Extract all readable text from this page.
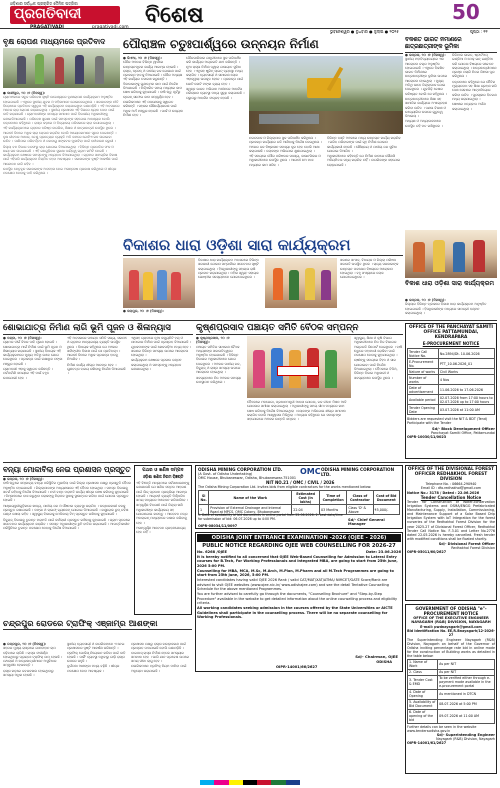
ଓଡ଼ିଶାର ସର୍ବାଧିକ ପ୍ରଚାରିତ ଦୈନିକ ପତ୍ରିକା
ପ୍ରଗତିବାଦୀ
PRAGATIVADI	pragativadi.com ବିଶେଷ	50
ଭୁବନେଶ୍ୱର ● ବୁଧବାର ● ଜୁଲାଇ ● ୨୦୨୫	ପୃଷ୍ଠା : ୧୧
ବୃକ୍ଷ ରୋପଣ ମାଧ୍ୟମରେ ପ୍ରତିବାଦ
● କାଶୀପୁର, ୨୦ ।୭ (ନିଜସ୍ୱ):

ଗ୍ରାମାଞ୍ଚଳରେ ସବୁଜ ପରିବେଶ ସୃଷ୍ଟି ଉଦ୍ଦେଶ୍ୟରେ ବୃକ୍ଷରୋପଣ କାର୍ଯ୍ୟକ୍ରମ ଅନୁଷ୍ଠିତ ହୋଇଯାଇଛି । ଏଥିରେ ସ୍ଥାନୀୟ ଯୁବକ ଓ ମହିଳାମାନେ ଯୋଗଦେଇଥିଲେ । ସରକାରଙ୍କ ନୀତି ବିରୋଧରେ ପ୍ରତିବାଦ ସ୍ୱରୂପ ଏହି କାର୍ଯ୍ୟକ୍ରମ କରାଯାଇଥିବା ଜଣାପଡ଼ିଛି । ଏହି ଅବସରରେ ଅନେକ ଚାରା ରୋପଣ କରାଯାଇଥିଲା । ସ୍ଥାନୀୟ ପ୍ରଶାସନ ଏହି ଦିଗରେ ଧ୍ୟାନ ଦେବା ପାଇଁ ଦାବି କରାଯାଇଛି । ଗ୍ରାମବାସୀଙ୍କ ସମସ୍ୟା ସମାଧାନ ପାଇଁ ବିଭାଗୀୟ ଅଧିକାରୀଙ୍କୁ ଜଣାଇଦିଆଯାଇଛି । ପରିବେଶ ସୁରକ୍ଷା ପାଇଁ ସମସ୍ତଙ୍କ ସହଯୋଗ ଆବଶ୍ୟକ ବୋଲି ବକ୍ତାମାନେ କହିଥିଲେ । ରାସ୍ତା କଡ଼ରେ ଓ ବିଦ୍ୟାଳୟ ପରିସରରେ ଚାରା ଲଗାଯାଇଥିଲା ।

ଏହି କାର୍ଯ୍ୟକ୍ରମରେ ଗ୍ରାମର ବରିଷ୍ଠ ନାଗରିକ, ଶିକ୍ଷକ ଓ ଛାତ୍ରଛାତ୍ରୀ ଉପସ୍ଥିତ ଥିଲେ । ଆଗାମୀ ଦିନରେ ଅଧିକ ଚାରା ରୋପଣ କରାଯିବ ବୋଲି ଆୟୋଜକମାନେ ସୂଚନା ଦେଇଛନ୍ତି । ବୃକ୍ଷ ଜୀବନର ଆଧାର, ତେଣୁ ପ୍ରତ୍ୟେକ ବ୍ୟକ୍ତି ଅତି କମରେ ଗୋଟିଏ ଗଛ ଲଗାଇବା ଉଚିତ । ପାଣିପାଗ ପରିବର୍ତ୍ତନ ଓ ଜଳବାୟୁ ସଙ୍କଟର ମୁକାବିଲା ପାଇଁ ବନୀକରଣ ଜରୁରୀ ।

ଜିଲ୍ଲା ବନ ବିଭାଗ ତରଫରୁ ଚାରା ଯୋଗାଇ ଦିଆଯାଇଥିଲା । ବିଭିନ୍ନ ପ୍ରଜାତିର ଫଳ ଓ ଛାୟା ଗଛ ଲଗାଯାଇଛି । ଏହି ଗଛଗୁଡ଼ିକର ସୁରକ୍ଷା ଦାୟିତ୍ୱ ଗ୍ରାମ କମିଟି ନେଇଛି । କାର୍ଯ୍ୟକ୍ରମ ଶେଷରେ ସମସ୍ତଙ୍କୁ ଧନ୍ୟବାଦ ଦିଆଯାଇଥିଲା । ଗ୍ରାମର ସାମଗ୍ରିକ ବିକାଶ ପାଇଁ ଏହିପରି କାର୍ଯ୍ୟକ୍ରମ ନିୟମିତ ହେବା ଆବଶ୍ୟକ । ସରକାରଙ୍କ ଦୃଷ୍ଟି ଆକର୍ଷଣ ପାଇଁ ଆନ୍ଦୋଳନ ଜାରି ରହିବ ।

ଉପସ୍ଥିତ ନେତୃବୃନ୍ଦ ସରକାରଙ୍କ ଅବହେଳା ନେଇ ଅସନ୍ତୋଷ ପ୍ରକାଶ କରିଥିଲେ ଓ ଶୀଘ୍ର ପଦକ୍ଷେପ ନେବାକୁ ଦାବି କରିଥିଲେ ।

ପୌରାଞ୍ଚଳ ଚତୁଃପାର୍ଶ୍ୱରେ ଉନ୍ନୟନ ନିର୍ମାଣ
● ଭିଏଆ, ୨୦ ।୭ (ନିଜସ୍ୱ):

ପୌର ଅଞ୍ଚଳର ବିଭିନ୍ନ ୱାର୍ଡରେ ଉନ୍ନୟନମୂଳକ କାର୍ଯ୍ୟ ଆରମ୍ଭ ହୋଇଛି । ରାସ୍ତା, ଡ୍ରେନ୍ ଓ ପାନୀୟ ଜଳ ଯୋଗାଣ ପାଇଁ ପ୍ରକଳ୍ପ ହାତକୁ ନିଆଯାଇଛି । ପୌର ଅଧ୍ୟକ୍ଷ ଏହି କାର୍ଯ୍ୟର ତଦାରଖ କରୁଛନ୍ତି । ଠିକାଦାରଙ୍କୁ ଗୁଣାତ୍ମକ କାମ ପାଇଁ ନିର୍ଦ୍ଦେଶ ଦିଆଯାଇଛି । ନିର୍ଦ୍ଧାରିତ ସମୟ ମଧ୍ୟରେ କାମ ଶେଷ କରିବାକୁ କୁହାଯାଇଛି । ବର୍ଷା ଋତୁ ପୂର୍ବରୁ ଡ୍ରେନ୍ ସଫେଇ କାମ ସମ୍ପୂର୍ଣ୍ଣ ହେବ ।

ନାଗରିକମାନେ ଏହି ପଦକ୍ଷେପକୁ ସ୍ୱାଗତ କରିଛନ୍ତି । ସହରର ସୌନ୍ଦର୍ଯ୍ୟକରଣ ପାଇଁ ଅଧିକ ଅର୍ଥ ମଞ୍ଜୁର ହୋଇଛି । ପାର୍କ ଓ ଉଦ୍ୟାନ ନିର୍ମାଣ ହେବ ।

ପୌରପାଳିକାର ଯନ୍ତ୍ରୀମାନେ ସ୍ଥଳ ପରିଦର୍ଶନ କରି କାର୍ଯ୍ୟର ଅଗ୍ରଗତି ଯାଞ୍ଚ କରିଛନ୍ତି । ନୂଆ ରାସ୍ତା ନିର୍ମାଣ ଦ୍ୱାରା ଯାତାୟାତ ସୁବିଧା ହେବ । ଏଥିସହ ଷ୍ଟ୍ରିଟ୍ ଲାଇଟ୍ ବ୍ୟବସ୍ଥା ମଧ୍ୟ କରାଯିବ । ବ୍ୟବସାୟୀ ଓ ସାଧାରଣ ଲୋକ ଏହାଦ୍ୱାରା ଉପକୃତ ହେବେ । ପ୍ରକଳ୍ପ ପାଇଁ କୋଟି କୋଟି ଟଙ୍କା ବ୍ୟୟ ହେବ ।

ସ୍ୱଚ୍ଛ ଭାରତ ଅଭିଯାନ ଅଧୀନରେ ଆବର୍ଜନା ପରିଚାଳନା ବ୍ୟବସ୍ଥା ମଧ୍ୟ ସୁଦୃଢ଼ କରାଯାଉଛି । ଘରୁଘରୁ ଆବର୍ଜନା ସଂଗ୍ରହ ହେଉଛି ।

ନଗରପାଳ ଓ ଜିଲ୍ଲାପାଳ ସ୍ଥଳ ପରିଦର୍ଶନ କରିଥିଲେ । ପ୍ରକଳ୍ପ କାର୍ଯ୍ୟରେ ଗତି ଆଣିବାକୁ ନିର୍ଦ୍ଦେଶ ଦେଇଥିଲେ । ଅଞ୍ଚଳର ଜଳ ନିଷ୍କାସନ ସମସ୍ୟା ଦୂର ହେବ ବୋଲି ଆଶା କରାଯାଉଛି । ଲୋକଙ୍କ ଅଭିଯୋଗ ଶୁଣାଯାଇଥିଲା ।

ଏହି ସମୟରେ ପୌର ପରିଷଦର ସଦସ୍ୟ, କାଉନସିଲର ଓ ଅଧିକାରୀମାନେ ଉପସ୍ଥିତ ଥିଲେ । ଆଗାମୀ ଛଅ ମାସ ମଧ୍ୟରେ କାମ ସରିବ ।

ବିଭିନ୍ନ ବସ୍ତି ଅଞ୍ଚଳରେ ମଧ୍ୟ ଉନ୍ନୟନ କାର୍ଯ୍ୟ କରାଯିବ । ଗରିବ ପରିବାରଙ୍କ ପାଇଁ ଗୃହ ନିର୍ମାଣ ଯୋଜନା କାର୍ଯ୍ୟକାରୀ ହେଉଛି । ଶୌଚାଳୟ ଓ ପାନୀୟ ଜଳ ସୁବିଧା ଯୋଗାଇ ଦିଆଯିବ ।

ଅଧିକାରୀମାନେ କହିଛନ୍ତି ଯେ ନିର୍ମାଣ କାମରେ କୌଣସି ଅନିୟମିତତା ସହ୍ୟ କରାଯିବ ନାହିଁ । ନାଗରିକଙ୍କ ସହଯୋଗ ଲୋଡ଼ାଯାଇଛି ।

ବିକଶିତ ଭାରତ ନିର୍ମାଣରେ ଛାତ୍ରଛାତ୍ରୀଙ୍କ ଭୂମିକା
● ଭଦ୍ରକ, ୨୦ ।୭ (ନିଜସ୍ୱ):

ସ୍ଥାନୀୟ ମହାବିଦ୍ୟାଳୟରେ ଏକ ଆଲୋଚନା ଚକ୍ର ଅନୁଷ୍ଠିତ ହୋଇଯାଇଛି । ଏଥିରେ ବିକଶିତ ଭାରତ ନିର୍ମାଣରେ ଛାତ୍ରଛାତ୍ରୀଙ୍କ ଭୂମିକା ଉପରେ ଆଲୋଚନା ହୋଇଥିଲା । ମୁଖ୍ୟ ଅତିଥି ଭାବେ ଜିଲ୍ଲାପାଳ ଯୋଗ ଦେଇଥିଲେ । ଯୁବପିଢ଼ି ଦେଶର ଭବିଷ୍ୟତ ବୋଲି ସେ କହିଥିଲେ ।

ଛାତ୍ରଛାତ୍ରୀମାନେ ଶିକ୍ଷା ସହ ସାମାଜିକ କାର୍ଯ୍ୟରେ ଅଂଶଗ୍ରହଣ କରିବା ଉଚିତ । ଦକ୍ଷତା ବିକାଶ ଓ ଉଦ୍ୟୋଗିତା ଉପରେ ଗୁରୁତ୍ୱ ଦିଆଗଲା ।

ଅଧ୍ୟକ୍ଷ ଓ ଅଧ୍ୟାପକମାନେ ଉପସ୍ଥିତ ରହି ମତ ରଖିଥିଲେ ।

ଡିଜିଟାଲ ଭାରତ, ଷ୍ଟାର୍ଟଅପ୍ ଇଣ୍ଡିଆ ଓ ମେକ୍ ଇନ୍ ଇଣ୍ଡିଆ ଭଳି ଯୋଜନା ବିଷୟରେ ସଚେତନ କରାଯାଇଥିଲା । ଛାତ୍ରଛାତ୍ରୀମାନେ ପ୍ରଶ୍ନ ପଚାରି ନିଜର ଜିଜ୍ଞାସା ଦୂର କରିଥିଲେ ।

ବକ୍ତାମାନେ କହିଥିଲେ ଯେ ନୈତିକ ମୂଲ୍ୟବୋଧ ସହ ଶିକ୍ଷା ଗ୍ରହଣ କରି ଦେଶ ସେବାରେ ଆତ୍ମନିୟୋଗ କରିବା ଉଚିତ । ପୁରସ୍କାର ବିତରଣ ମଧ୍ୟ କରାଯାଇଥିଲା ।

ଶେଷରେ ଧନ୍ୟବାଦ ଅର୍ପଣ କରାଯାଇଥିଲା ।

ବିକାଶର ଧାରା ଓଡ଼ିଶା ସାରା କାର୍ଯ୍ୟକ୍ରମ
● ଜୟପୁର, ୨୦ ।୭ (ନିଜସ୍ୱ):

ବିକାଶର ଧାରା କାର୍ଯ୍ୟକ୍ରମ ଅବସରରେ ବିଭିନ୍ନ ସରକାରୀ ଯୋଜନା ସମ୍ପର୍କରେ ସଚେତନତା ସୃଷ୍ଟି କରାଯାଇଥିଲା । ହିତାଧିକାରୀଙ୍କୁ ସହାୟତା ରାଶି ପ୍ରଦାନ କରାଯାଇଥିଲା । ମହିଳା ସ୍ୱୟଂ ସହାୟକ ଗୋଷ୍ଠୀର ସଦସ୍ୟମାନେ ଯୋଗଦେଇଥିଲେ ।

ସଭାରେ ସାଂସଦ, ବିଧାୟକ ଓ ଜିଲ୍ଲା ପରିଷଦ ସଭାପତି ଉପସ୍ଥିତ ଥିଲେ । ରାଜ୍ୟ ସରକାରଙ୍କ ଉନ୍ନୟନ ପଦକ୍ଷେପ ବିଷୟରେ ଆଲୋଚନା ହୋଇଥିଲା । ବହୁ ସଂଖ୍ୟାରେ ଲୋକ ଯୋଗଦେଇଥିଲେ ।

ବିକାଶ ଧାରା ଓଡ଼ିଶା ସାରା କାର୍ଯ୍ୟକ୍ରମ
● ଭଦ୍ରକ, ୨୦ ।୭ (ନିଜସ୍ୱ):

ଜିଲ୍ଲାର ବିଭିନ୍ନ ବ୍ଲକରେ ବିକାଶ ଧାରା କାର୍ଯ୍ୟକ୍ରମ ଅନୁଷ୍ଠିତ ହୋଇଯାଇଛି । ହିତାଧିକାରୀଙ୍କ ମଧ୍ୟରେ ସାମଗ୍ରୀ ବଣ୍ଟନ କରାଯାଇଥିଲା ।

ଶୋଭାଯାତ୍ରା ନିର୍ମାଣ ଲାଗି ଭୂମି ପୂଜନ ଓ ଶିଳାନ୍ୟାସ
● ବଣ୍ଡା, ୨୦ ।୭ (ନିଜସ୍ୱ):

ଗ୍ରାମର ଦୀର୍ଘ ଦିନର ଦାବି ପୂରଣ ହୋଇଛି । ଶୋଭାଯାତ୍ରା ମାର୍ଗ ନିର୍ମାଣ ପାଇଁ ଭୂମି ପୂଜନ ଓ ଶିଳାନ୍ୟାସ କରାଯାଇଛି । ସ୍ଥାନୀୟ ବିଧାୟକ ଏହି କାର୍ଯ୍ୟକ୍ରମରେ ମୁଖ୍ୟ ଅତିଥି ଭାବେ ଯୋଗ ଦେଇଥିଲେ । ପ୍ରକଳ୍ପ ପାଇଁ ଲକ୍ଷାଧିକ ଟଙ୍କା ମଞ୍ଜୁର ହୋଇଛି ।

ଗ୍ରାମବାସୀ ଏହାକୁ ସ୍ୱାଗତ କରିଛନ୍ତି । ପର୍ବପର୍ବାଣି ସମୟରେ ଏହି ମାର୍ଗ ବହୁତ ଉପଯୋଗୀ ହେବ ।

ଏହି ଅବସରରେ ପଞ୍ଚାୟତ ସମିତି ସଭ୍ୟ, ସରପଞ୍ଚ ଓ ଗ୍ରାମର ମାନ୍ୟଗଣ୍ୟ ବ୍ୟକ୍ତି ଉପସ୍ଥିତ ଥିଲେ । ବିଧାୟକ କହିଥିଲେ ଯେ ଅଞ୍ଚଳର ସର୍ବାଙ୍ଗୀନ ବିକାଶ ପାଇଁ ସେ ପ୍ରତିବଦ୍ଧ । ଆଗାମୀ ଦିନରେ ଅଧିକ ପ୍ରକଳ୍ପ ହାତକୁ ନିଆଯିବ ।

ନିର୍ମାଣ କାର୍ଯ୍ୟ ଶୀଘ୍ର ଆରମ୍ଭ ହେବ । ଗୁଣବତ୍ତା ବଜାୟ ରଖିବାକୁ ନିର୍ଦ୍ଦେଶ ଦିଆଯାଇଛି ।

ଏଥିସହ ଗ୍ରାମରେ ନୂଆ କମ୍ୟୁନିଟି ହଲ୍ ଓ ପାଠାଗାର ନିର୍ମାଣ ପାଇଁ ପ୍ରସ୍ତାବ ଦିଆଯାଇଛି । ଯୁବକମାନଙ୍କ ପାଇଁ ଖେଳପଡ଼ିଆ ମଧ୍ୟ ହେବ । ସଭାରେ ବିଭିନ୍ନ ସମସ୍ୟା ଉପରେ ଆଲୋଚନା ହୋଇଥିଲା ।

କାର୍ଯ୍ୟକ୍ରମ ଶେଷରେ ପ୍ରସାଦ ବଣ୍ଟନ କରାଯାଇଥିଲା ଓ ସମସ୍ତଙ୍କୁ ଧନ୍ୟବାଦ ଜଣାଯାଇଥିଲା ।

କୃଷ୍ଣପ୍ରସାଦ ପଞ୍ଚାୟତ ସମିତି ବୈଠକ ସମ୍ପନ୍ନ
● କୃଷ୍ଣପ୍ରସାଦ, ୨୦ ।୭ (ନିଜସ୍ୱ):

ପଞ୍ଚାୟତ ସମିତିର ସାଧାରଣ ବୈଠକ ଅଧ୍ୟକ୍ଷଙ୍କ ସଭାପତିତ୍ୱରେ ଅନୁଷ୍ଠିତ ହୋଇଯାଇଛି । ବିଭିନ୍ନ ବିଭାଗର ଅଧିକାରୀମାନେ ଯୋଗ ଦେଇଥିଲେ । ଅଞ୍ଚଳର ପାନୀୟ ଜଳ, ବିଦ୍ୟୁତ୍ ଓ ରାସ୍ତା ସମସ୍ୟା ଉପରେ ଆଲୋଚନା ହୋଇଥିଲା ।

ସଦସ୍ୟମାନେ ନିଜ ଅଞ୍ଚଳର ସମସ୍ୟା ଉପସ୍ଥାପନ କରିଥିଲେ ।

ବୈଠକରେ ମନରେଗା, ପ୍ରଧାନମନ୍ତ୍ରୀ ଆବାସ ଯୋଜନା, ଜଳ ଜୀବନ ମିଶନ ଆଦି ଯୋଜନାର ସମୀକ୍ଷା କରାଯାଇଥିଲା । ଅଧିକାରୀଙ୍କୁ ସମୟ ସୀମା ମଧ୍ୟରେ କାମ ଶେଷ କରିବାକୁ ନିର୍ଦ୍ଦେଶ ଦିଆଯାଇଥିଲା । ଲୋକଙ୍କ ଅଭିଯୋଗ ଶୀଘ୍ର ସମାଧାନ କରାଯିବ ବୋଲି ଆଶ୍ୱାସନା ମିଳିଥିଲା । ଅଧ୍ୟକ୍ଷ କହିଥିଲେ ଯେ ସମସ୍ତଙ୍କ ସହଯୋଗରେ ଅଞ୍ଚଳର ଉନ୍ନତି ସମ୍ଭବ ।

ସ୍ୱାସ୍ଥ୍ୟ, ଶିକ୍ଷା ଓ କୃଷି ବିଭାଗ ଅଧିକାରୀମାନେ ନିଜ ନିଜ ବିଭାଗର ଅଗ୍ରଗତି ରିପୋର୍ଟ ଦେଇଥିଲେ । ବର୍ଷା ଋତୁରେ ମହାମାରୀ ରୋକିବା ପାଇଁ ପଦକ୍ଷେପ ନେବାକୁ କୁହାଯାଇଥିଲା ।

ଚାଷୀଙ୍କୁ ସମୟରେ ବିହନ ଓ ସାର ଯୋଗାଇବା ପାଇଁ ନିର୍ଦ୍ଦେଶ ଦିଆଯାଇଥିଲା । ବୈଠକରେ ବିଡିଓ, ବିଭିନ୍ନ ବିଭାଗ ଅଧିକାରୀ ଓ ସଦସ୍ୟମାନେ ଉପସ୍ଥିତ ଥିଲେ ।

OFFICE OF THE PANCHAYAT SAMITI OFFICE PATTAMUNDAI, KENDRAPARA
E-PROCUREMENT NOTICE
Tender Call Notice No.	No.2894/Dt. 10.06.2026
E-Procurement No.	PTT_10.06.2026_01
Nature of works	Civil Works
Number of works	4 Nos
Date of advertisement	11.06.2026 to 17.06.2026
Available period	02.07.2026 from 17:00 hours to 02.07.2026 up to 17:00 hours
Tender Opening Date	03.07.2026 at 11:00 AM
Bidders are requested visit the NIT & BDT (Tend) Participate with the Tender
Sd/- Block Development Officer
Panchayat Samiti Office, Pattamundai
OIPR-10030/11/0023
ବନ୍ୟା ମୋକାବିଲା ନେଇ ପ୍ରଶାସନ ପ୍ରସ୍ତୁତ
● ଭଦ୍ରକ, ୨୦ ।୭ (ନିଜସ୍ୱ):

ବର୍ଷା ଋତୁରେ ସମ୍ଭାବ୍ୟ ବନ୍ୟା ପରିସ୍ଥିତିର ମୁକାବିଲା ପାଇଁ ଜିଲ୍ଲା ପ୍ରଶାସନ ପକ୍ଷରୁ ପ୍ରସ୍ତୁତି ବୈଠକ ଅନୁଷ୍ଠିତ ହୋଇଯାଇଛି । ଜିଲ୍ଲାପାଳଙ୍କ ଅଧ୍ୟକ୍ଷତାରେ ଏହି ବୈଠକ ହୋଇଥିଲା । ସମସ୍ତ ବିଭାଗକୁ ସତର୍କ ରହିବାକୁ ନିର୍ଦ୍ଦେଶ ଦିଆଯାଇଛି । ନଦୀ ବନ୍ଧ ମରାମତି କାର୍ଯ୍ୟ ଶୀଘ୍ର ଶେଷ କରିବାକୁ କୁହାଯାଇଛି । ନିମ୍ନାଞ୍ଚଳରେ ବାସ କରୁଥିବା ଲୋକଙ୍କୁ ନିରାପଦ ସ୍ଥାନକୁ ସ୍ଥାନାନ୍ତର କରିବା ପାଇଁ ଯୋଜନା ପ୍ରସ୍ତୁତ ହୋଇଛି ।

ଆଶ୍ରୟସ୍ଥଳୀଗୁଡ଼ିକରେ ଖାଦ୍ୟ, ପାନୀୟ ଜଳ ଓ ଔଷଧର ବ୍ୟବସ୍ଥା କରାଯିବ । ଉଦ୍ଧାରକାରୀ ଦଳକୁ ପ୍ରସ୍ତୁତ ରଖାଯାଇଛି । ଡଙ୍ଗା ଓ ଲାଇଫ୍ ଜ୍ୟାକେଟ୍ ଯୋଗାଇ ଦିଆଯାଇଛି । କଣ୍ଟ୍ରୋଲ ରୁମ୍ ଚବିଶ ଘଣ୍ଟା ଖୋଲା ରହିବ । ସ୍ୱାସ୍ଥ୍ୟ ବିଭାଗକୁ ମେଡିକାଲ୍ ଟିମ୍ ପ୍ରସ୍ତୁତ ରଖିବାକୁ କୁହାଯାଇଛି ।

ବିଦ୍ୟୁତ୍ ବିଭାଗକୁ ତୁରନ୍ତ ମରାମତି ପାଇଁ କର୍ମଚାରୀ ପ୍ରସ୍ତୁତ ରଖିବାକୁ କୁହାଯାଇଛି । ଗ୍ରାମ ସ୍ତରରେ ସଚେତନତା କାର୍ଯ୍ୟକ୍ରମ କରାଯିବ । ସମସ୍ତ ଅଧିକାରୀଙ୍କ ଛୁଟି ବାତିଲ କରାଯାଇଛି । ଆପତ୍ତିକାଳୀନ ପରିସ୍ଥିତିରେ ତୁରନ୍ତ ପଦକ୍ଷେପ ନେବାକୁ ନିର୍ଦ୍ଦେଶ ଦିଆଯାଇଛି ।

ପଥର ଓ ଖଣିଜ ସମ୍ପଦ
ଓଡ଼ିଶା ଖଣିଜ ନିଗମ ବିଜ୍ଞପ୍ତି

ଏହି ବିଜ୍ଞପ୍ତି ମାଧ୍ୟମରେ ସର୍ବସାଧାରଣଙ୍କୁ ଜଣାଯାଉଛି ଯେ ଖଣିଜ ସମ୍ପଦ ଆହରଣ ପାଇଁ ଲିଜ୍ ପ୍ରଦାନ ପ୍ରକ୍ରିୟା ଆରମ୍ଭ ହୋଇଛି । ଆଗ୍ରହୀ ବ୍ୟକ୍ତି ନିର୍ଦ୍ଧାରିତ ସମୟ ମଧ୍ୟରେ ଆବେଦନ କରିପାରିବେ ।

ସମ୍ପୂର୍ଣ୍ଣ ବିବରଣୀ ପାଇଁ ଜିଲ୍ଲା ଖଣି ଅଧିକାରୀଙ୍କ କାର୍ଯ୍ୟାଳୟ ସହ ଯୋଗାଯୋଗ କରନ୍ତୁ । ଆବେଦନ ପତ୍ର ଅନଲାଇନ୍ ମାଧ୍ୟମରେ ଦାଖଲ କରିବାକୁ ହେବ ।

ଅସମ୍ପୂର୍ଣ୍ଣ ଆବେଦନ ଗ୍ରହଣଯୋଗ୍ୟ ହେବ ନାହିଁ ।

OMC
ODISHA MINING CORPORATION LTD.	ODISHA MINING CORPORATION LTD.
(A Govt. of Odisha Undertaking)
OMC House, Bhubaneswar, Odisha, Bhubaneswar-751001
NIT NO.21 / OMC / CIVIL / 2026
The Odisha Mining Corporation Ltd. invites bids from eligible contractors for the works mentioned below:
Sl No.	Name of the Work	Estimated Cost (in lakhs)	Time of Completion	Class of Contractor	Cost of Bid Document
1	Provision of External Drainage and Internal Road at MPCS, OMC Colony, Bhubaneswar	22.04	03 Months	Class 'D' & Above	₹5,000/-
1. Date of availability of bid documents in online portal from 22.06.2026. 2. Last date/time for submission of bid: 06.07.2026 up to 4:00 PM.	Sd/- Chief General Manager
OIPR-08034/11/0097
ODISHA JOINT ENTRANCE EXAMINATION -2026 (OJEE - 2026)
PUBLIC NOTICE REGARDING OJEE WEB COUNSELLING FOR 2026-27
No. 6268 /OJEE	Date: 23.06.2026

It is hereby notified to all concerned that OJEE Web-Based Counselling for Admission to Lateral Entry courses for B.Tech, For Working Professionals and Integrated MBA, are going to start from 25th June, 2026 5:00 PM.

Counselling for MBA, MCA, M.Sc, M.Arch, M.Plan, M.Pharm and all M.Tech Programmes are going to start from 25th June, 2026, 5:00 PM.

Interested candidates having valid OJEE 2026 Rank / valid CAT/MAT/XAT/ATMA/ NIMCET/GATE Score/Rank are advised to visit OJEE websites (www.ojee.nic.in/ www.odishajee.com) and see the detail Tentative Counselling Schedule for the above mentioned Programmes.

You are further advised to carefully go through the documents, "Counselling Brochure" and "Step-by-Step Procedure" available in the website to get detailed information about the online counselling process and eligibility criteria.

All working candidates seeking admission in the courses offered by the State Universities or AICTE Guidelines shall participate in the counselling process. There will be no separate counselling for Working Professionals.

Sd/- Chairman, OJEE
ODISHA
OIPR-14001/66/2627
ଚନ୍ଦ୍ରପୁର ରୋଡରେ ଟ୍ରାଫିକ୍ ଏଞ୍ଜାମ୍‌ର ଆଶଙ୍କା
● ଚନ୍ଦ୍ରପୁର, ୨୦ ।୭ (ନିଜସ୍ୱ):

ସହରର ମୁଖ୍ୟ ରାସ୍ତାରେ ଯାନବାହାନ ଚାପ ବଢ଼ିବାରେ ଲାଗିଛି । ରାସ୍ତା ସଂକୀର୍ଣ୍ଣ ହୋଇଥିବାରୁ ପ୍ରାୟତଃ ଟ୍ରାଫିକ୍ ଜାମ୍ ହେଉଛି । ପଥଚାରୀ ଓ ଛାତ୍ରଛାତ୍ରୀମାନେ ଅସୁବିଧାର ସମ୍ମୁଖୀନ ହେଉଛନ୍ତି ।

ରାସ୍ତା କଡ଼ରେ ଜବରଦଖଲ ହୋଇଥିବାରୁ ସମସ୍ୟା ଅଧିକ ହେଉଛି ।

ସ୍ଥାନୀୟ ବ୍ୟବସାୟୀ ଓ ନାଗରିକମାନେ ଏ ନେଇ ପ୍ରଶାସନର ଦୃଷ୍ଟି ଆକର୍ଷଣ କରିଛନ୍ତି । ଟ୍ରାଫିକ୍ ପୋଲିସ୍ ନିୟୋଜନ କରିବା ପାଇଁ ଦାବି ହେଉଛି । ପାର୍କିଂ ବ୍ୟବସ୍ଥା ନଥିବାରୁ ଗାଡ଼ି ରାସ୍ତା ଉପରେ ରହୁଛି ।

ଦୁର୍ଘଟଣା ଆଶଙ୍କା ମଧ୍ୟ ବଢ଼ିଛି । ଶୀଘ୍ର ପଦକ୍ଷେପ ନେବା ଆବଶ୍ୟକ ।

ପ୍ରଶାସନ ପକ୍ଷରୁ ରାସ୍ତା ଚଉଡ଼ାକରଣ ପାଇଁ ପ୍ରସ୍ତାବ ପଠାଯାଇଛି ବୋଲି ଜଣାପଡ଼ିଛି । ବାଇପାସ୍ ରାସ୍ତା ନିର୍ମାଣ ହେଲେ ସମସ୍ୟାର ସମାଧାନ ହେବ । ଭାରି ଯାନ ପ୍ରବେଶ ଉପରେ ସମୟ ସୀମା ଲାଗୁ ହେବ ।

ନାଗରିକମାନେ ଟ୍ରାଫିକ୍ ନିୟମ ମାନିବା ପାଇଁ ଅନୁରୋଧ କରାଯାଇଛି ।

OFFICE OF THE DIVISIONAL FOREST OFFICER REDHAKHOL FOREST DIVISION
Telephone No. : 06664-290940
Email ID : dfo.redhakhol@gmail.com
Notice No.: 3178 / Dated : 22.06.2026
Tender Cancellation Notice
Tender for Construction of Water-conservation Irrigation Systems and OSMA/ENGG Prefabricated Manufacturing, Supply, Installation, Commissioning, and Maintenance Support of a Solar Based Drip Irrigation System with IoT Integration for the forest nurseries of the Redhakhol Forest Division for the year 2025-27 of Divisional Forest Officer, Redhakhol Tender Call Notice No. F-3.01 and Letter No.2776 dated 22.05.2026 is hereby cancelled. Fresh tender with modified conditions shall be floated shortly.
Sd/- Divisional Forest Officer
Redhakhol Forest Division
OIPR-05011/60/2627
GOVERNMENT OF ODISHA "e"-PROCUREMENT NOTICE
OFFICE OF THE EXECUTIVE ENGINEER NAYAGARH (R&B) DIVISION, NAYAGARH
E-mail: pwdnayagarh@gmail.com
Bid Identification No. EE,R.Bnayagarh/12-2026-27
The Superintending Engineer Nayagarh (R&B) Division, Nayagarh on behalf of the Governor of Odisha inviting percentage rate bid in online mode for the construction of Building works as detailed in the table below:
1. Name of Work	As per NIT
2. Class	As per NIT
3. Tender Cost & EMD	To be verified either through e-payment mode available in the e-procurement portal
4. Date of Opening	As mentioned in DTCN
5. Availability of Bid Document	08.07.2026 at 5:00 PM
6. Date of opening of the bid	09.07.2026 at 11:00 AM
Further details can be seen in the website www.tendersodisha.gov.in
Sd/- Superintending Engineer
Nayagarh (R&B) Division, Nayagarh
OIPR-14001/61/2627
